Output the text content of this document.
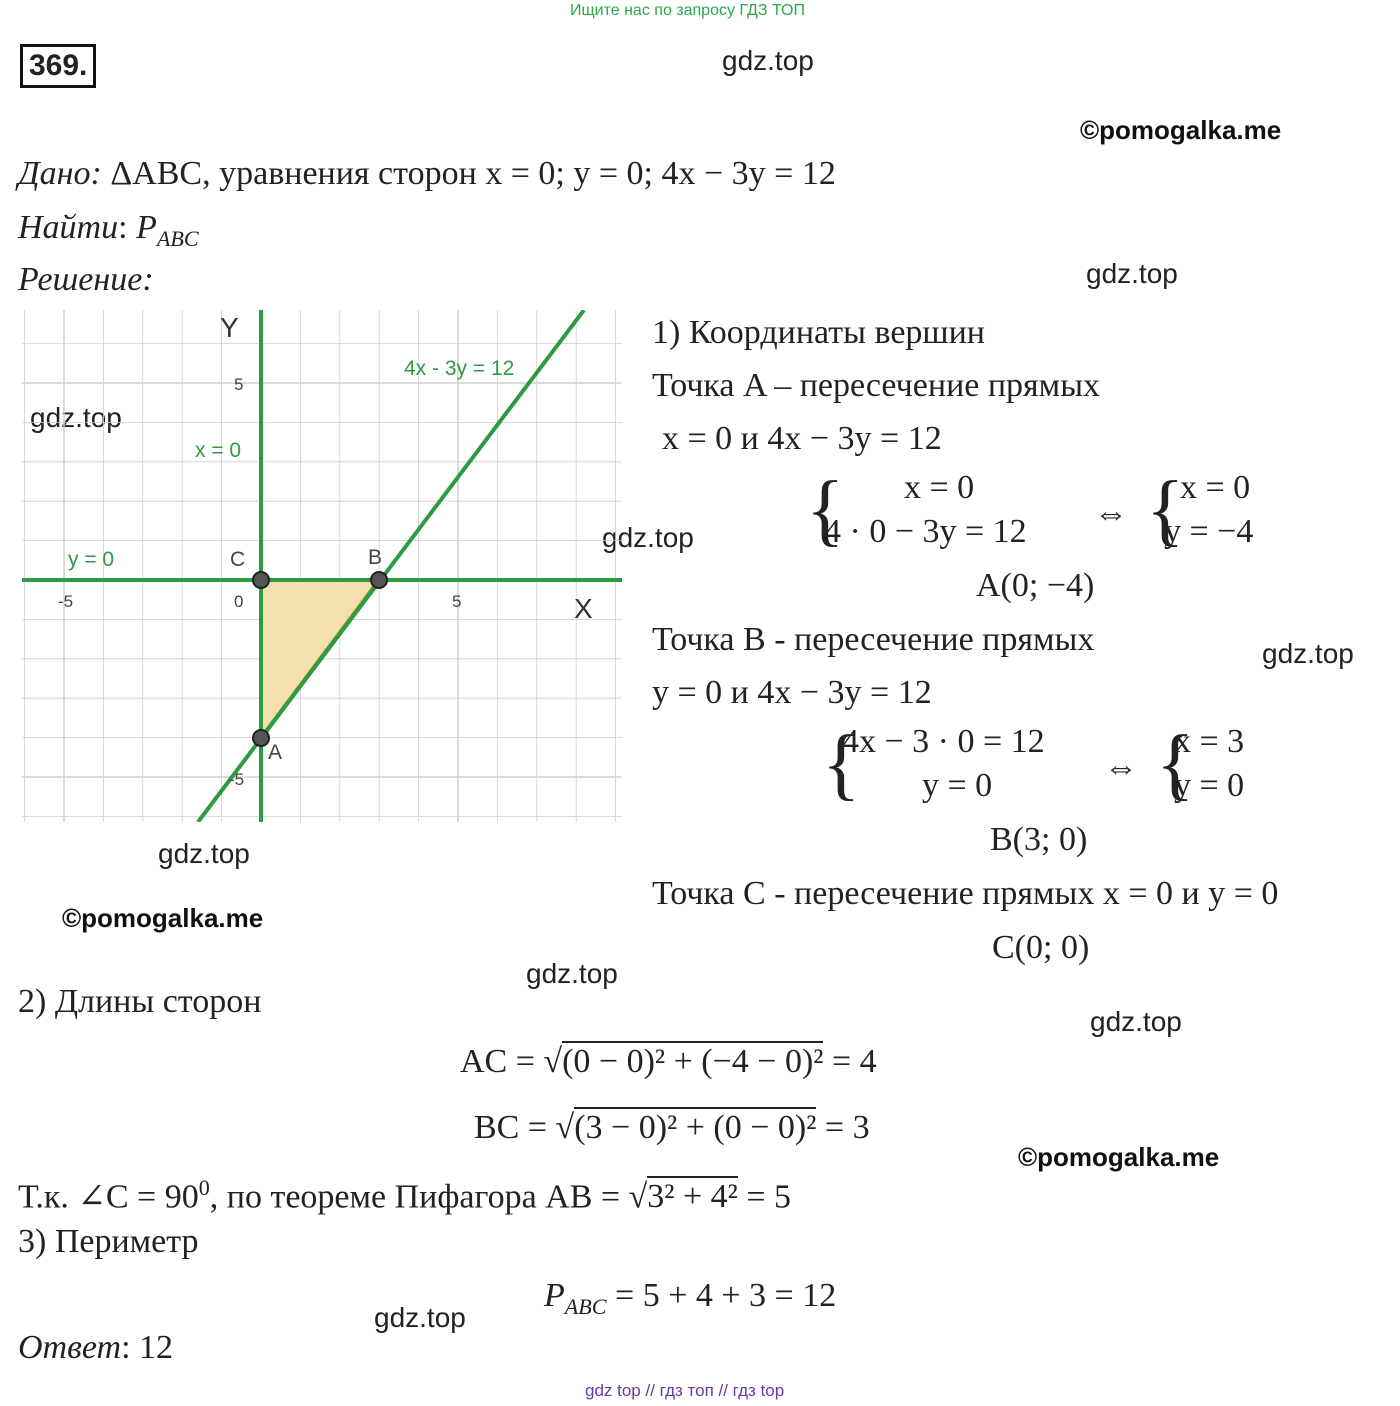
Ищите нас по запросу ГДЗ ТОП
369.	gdz.top
©pomogalka.me
gdz.top
gdz.top
gdz.top
gdz.top
gdz.top
©pomogalka.me
gdz.top
gdz.top
©pomogalka.me
gdz.top
Дано: ΔABC, уравнения сторон x = 0; y = 0; 4x − 3y = 12
Найти: $P_{ABC}$
Решение:
Y
X
-5	0	5
5
-5
4x - 3y = 12
x = 0
y = 0	C	B
A
1) Координаты вершин
Точка A – пересечение прямых
x = 0 и 4x − 3y = 12
{ x = 0
4 · 0 − 3y = 12 ⇔ {
x = 0
y = −4
A(0; −4)
Точка B - пересечение прямых
y = 0 и 4x − 3y = 12
{
4x − 3 · 0 = 12
y = 0	⇔ {
x = 3
y = 0
B(3; 0)
Точка C - пересечение прямых x = 0 и y = 0
C(0; 0)
2) Длины сторон
AC = √(0 − 0)² + (−4 − 0)² = 4
BC = √(3 − 0)² + (0 − 0)² = 3
Т.к. ∠C = $90^0$, по теореме Пифагора AB = √3² + 4² = 5
3) Периметр
$P_{ABC} = 5 + 4 + 3 = 12$
Ответ: 12
gdz top // гдз топ // гдз top
